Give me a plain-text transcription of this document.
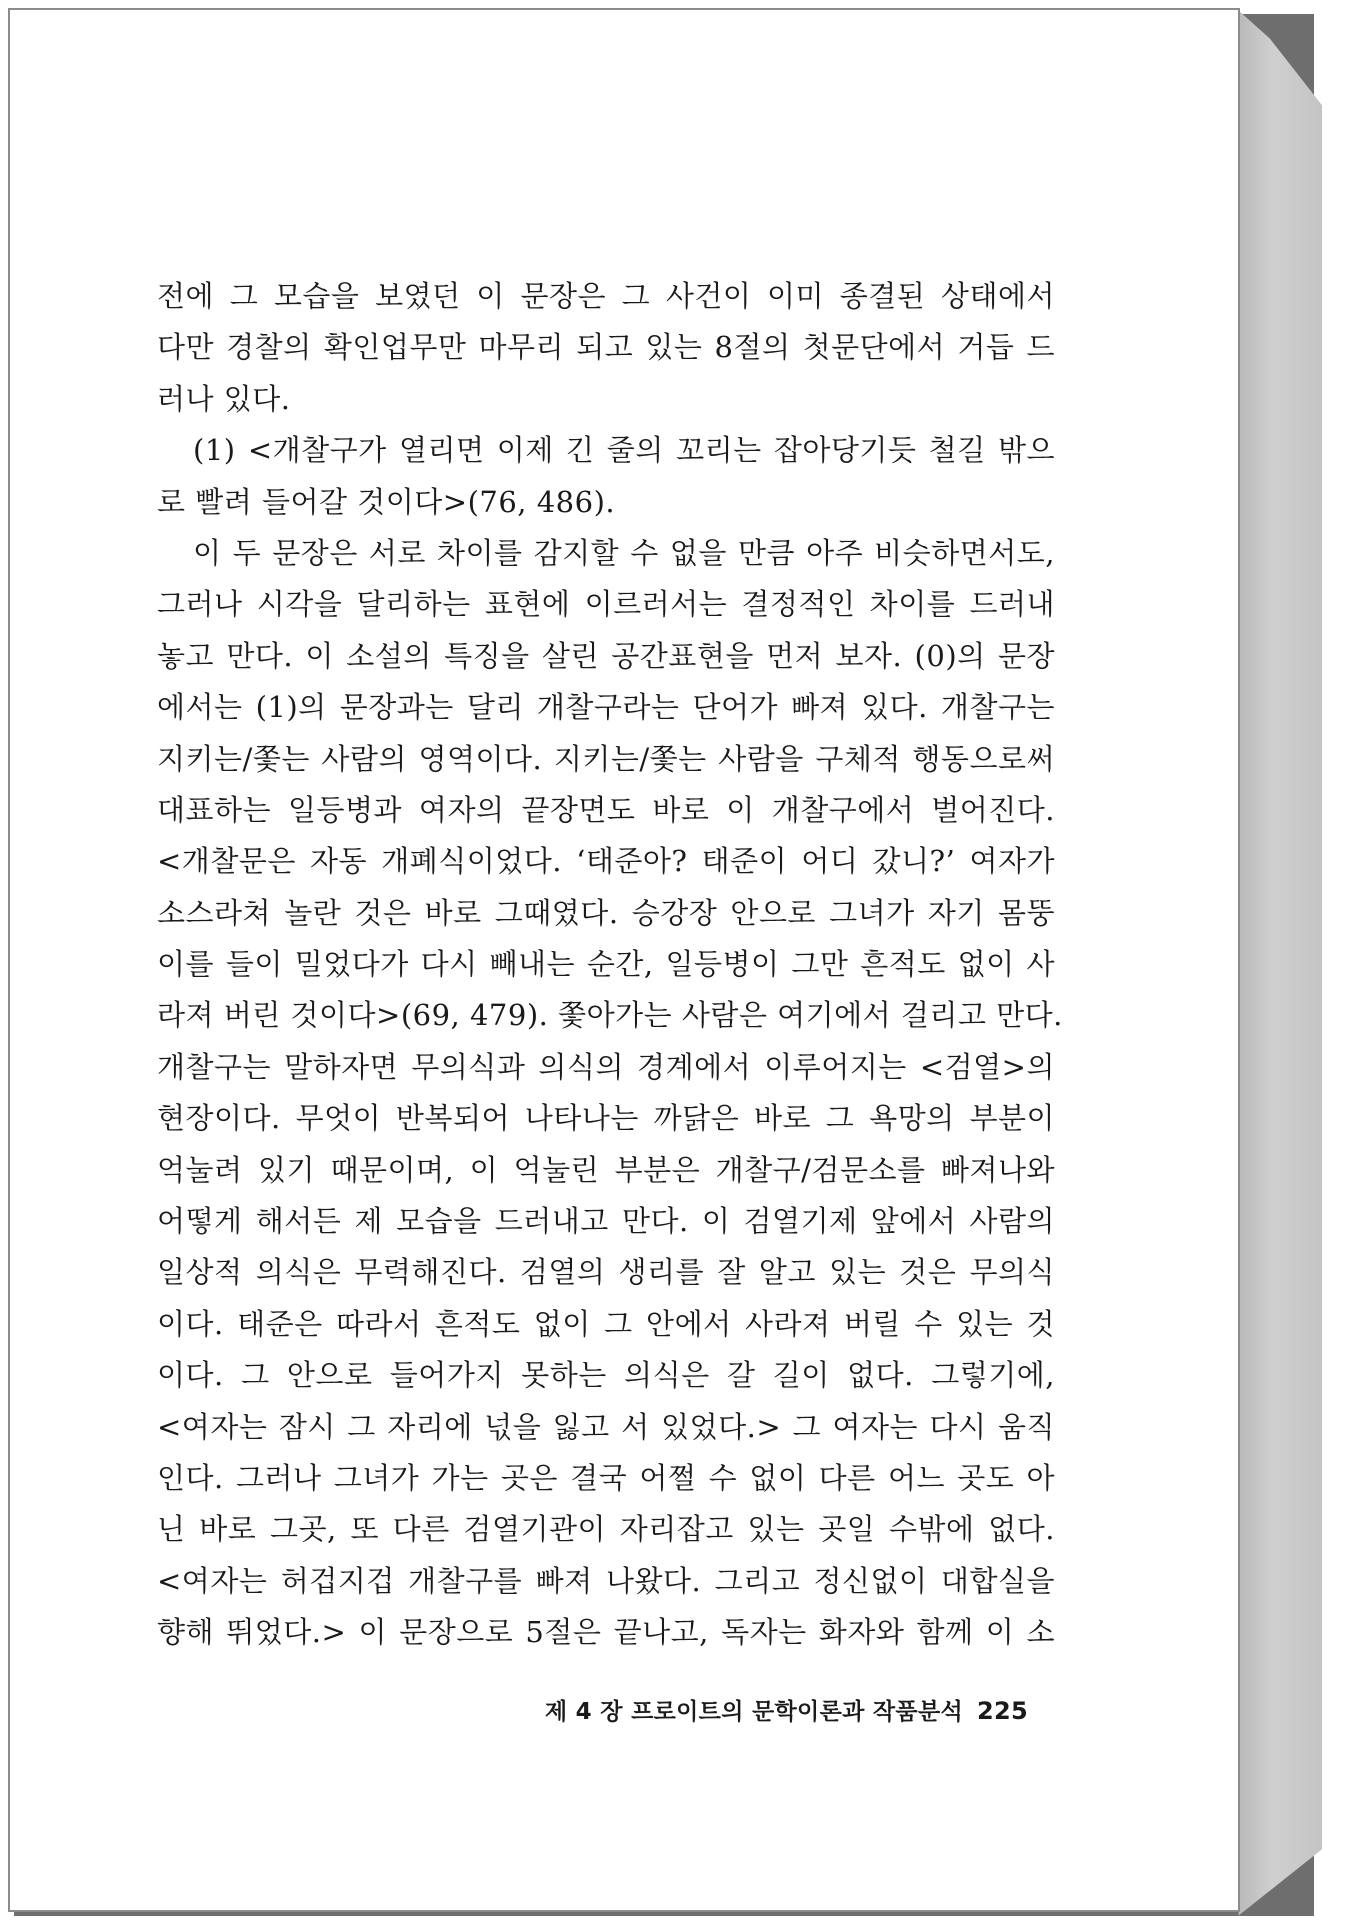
전에 그 모습을 보였던 이 문장은 그 사건이 이미 종결된 상태에서
다만 경찰의 확인업무만 마무리 되고 있는 8절의 첫문단에서 거듭 드
러나 있다.
(1) <개찰구가 열리면 이제 긴 줄의 꼬리는 잡아당기듯 철길 밖으
로 빨려 들어갈 것이다>(76, 486).
이 두 문장은 서로 차이를 감지할 수 없을 만큼 아주 비슷하면서도,
그러나 시각을 달리하는 표현에 이르러서는 결정적인 차이를 드러내
놓고 만다. 이 소설의 특징을 살린 공간표현을 먼저 보자. (0)의 문장
에서는 (1)의 문장과는 달리 개찰구라는 단어가 빠져 있다. 개찰구는
지키는/쫓는 사람의 영역이다. 지키는/쫓는 사람을 구체적 행동으로써
대표하는 일등병과 여자의 끝장면도 바로 이 개찰구에서 벌어진다.
<개찰문은 자동 개폐식이었다. ‘태준아? 태준이 어디 갔니?’ 여자가
소스라쳐 놀란 것은 바로 그때였다. 승강장 안으로 그녀가 자기 몸뚱
이를 들이 밀었다가 다시 빼내는 순간, 일등병이 그만 흔적도 없이 사
라져 버린 것이다>(69, 479). 쫓아가는 사람은 여기에서 걸리고 만다.
개찰구는 말하자면 무의식과 의식의 경계에서 이루어지는 <검열>의
현장이다. 무엇이 반복되어 나타나는 까닭은 바로 그 욕망의 부분이
억눌려 있기 때문이며, 이 억눌린 부분은 개찰구/검문소를 빠져나와
어떻게 해서든 제 모습을 드러내고 만다. 이 검열기제 앞에서 사람의
일상적 의식은 무력해진다. 검열의 생리를 잘 알고 있는 것은 무의식
이다. 태준은 따라서 흔적도 없이 그 안에서 사라져 버릴 수 있는 것
이다. 그 안으로 들어가지 못하는 의식은 갈 길이 없다. 그렇기에,
<여자는 잠시 그 자리에 넋을 잃고 서 있었다.> 그 여자는 다시 움직
인다. 그러나 그녀가 가는 곳은 결국 어쩔 수 없이 다른 어느 곳도 아
닌 바로 그곳, 또 다른 검열기관이 자리잡고 있는 곳일 수밖에 없다.
<여자는 허겁지겁 개찰구를 빠져 나왔다. 그리고 정신없이 대합실을
향해 뛰었다.> 이 문장으로 5절은 끝나고, 독자는 화자와 함께 이 소
제 4 장 프로이트의 문학이론과 작품분석 225
